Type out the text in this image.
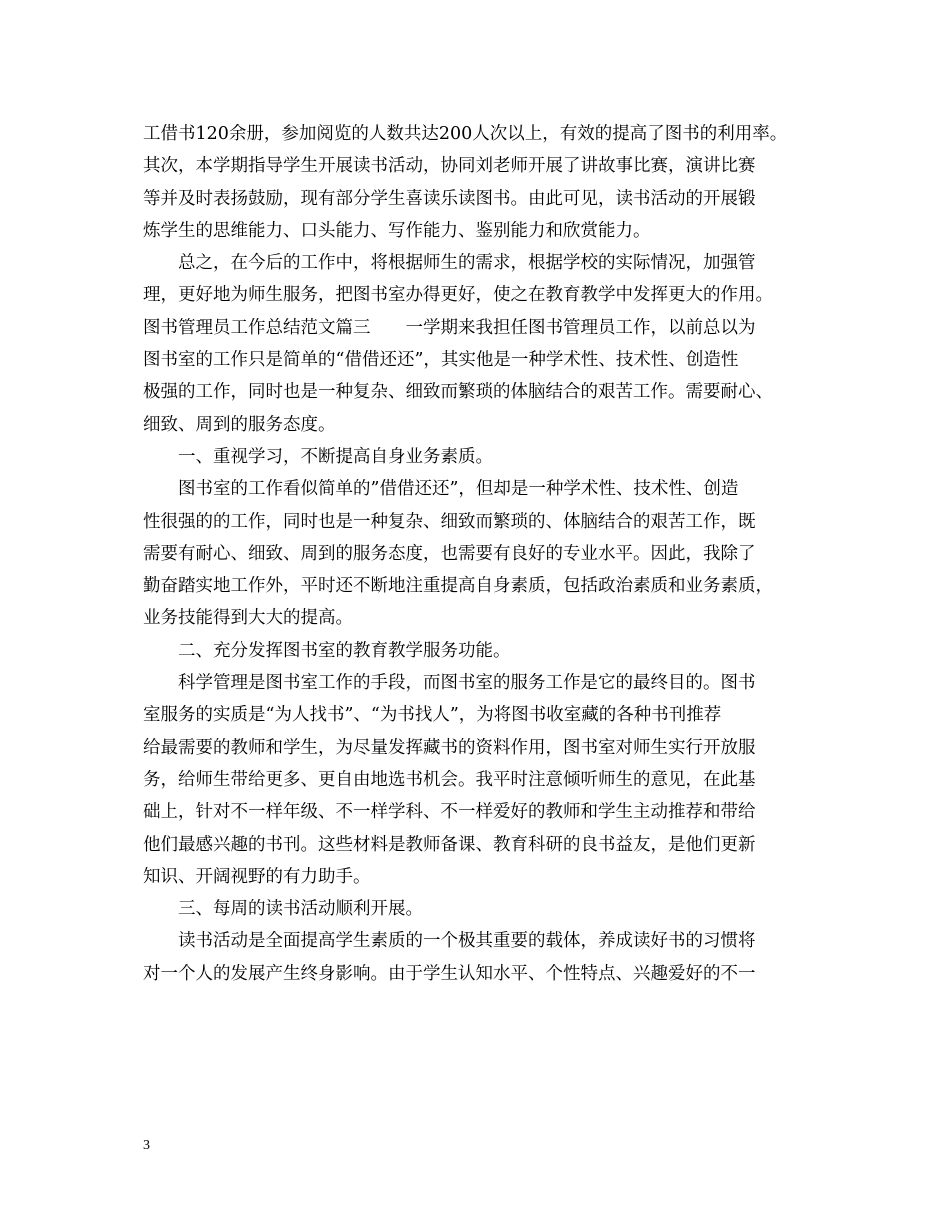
工借书120余册，参加阅览的人数共达200人次以上，有效的提高了图书的利用率。
其次，本学期指导学生开展读书活动，协同刘老师开展了讲故事比赛，演讲比赛
等并及时表扬鼓励，现有部分学生喜读乐读图书。由此可见，读书活动的开展锻
炼学生的思维能力、口头能力、写作能力、鉴别能力和欣赏能力。
总之，在今后的工作中，将根据师生的需求，根据学校的实际情况，加强管
理，更好地为师生服务，把图书室办得更好，使之在教育教学中发挥更大的作用。
图书管理员工作总结范文篇三　　一学期来我担任图书管理员工作，以前总以为
图书室的工作只是简单的“借借还还”，其实他是一种学术性、技术性、创造性
极强的工作，同时也是一种复杂、细致而繁琐的体脑结合的艰苦工作。需要耐心、
细致、周到的服务态度。
一、重视学习，不断提高自身业务素质。
图书室的工作看似简单的”借借还还”，但却是一种学术性、技术性、创造
性很强的的工作，同时也是一种复杂、细致而繁琐的、体脑结合的艰苦工作，既
需要有耐心、细致、周到的服务态度，也需要有良好的专业水平。因此，我除了
勤奋踏实地工作外，平时还不断地注重提高自身素质，包括政治素质和业务素质，
业务技能得到大大的提高。
二、充分发挥图书室的教育教学服务功能。
科学管理是图书室工作的手段，而图书室的服务工作是它的最终目的。图书
室服务的实质是“为人找书”、“为书找人”，为将图书收室藏的各种书刊推荐
给最需要的教师和学生，为尽量发挥藏书的资料作用，图书室对师生实行开放服
务，给师生带给更多、更自由地选书机会。我平时注意倾听师生的意见，在此基
础上，针对不一样年级、不一样学科、不一样爱好的教师和学生主动推荐和带给
他们最感兴趣的书刊。这些材料是教师备课、教育科研的良书益友，是他们更新
知识、开阔视野的有力助手。
三、每周的读书活动顺利开展。
读书活动是全面提高学生素质的一个极其重要的载体，养成读好书的习惯将
对一个人的发展产生终身影响。由于学生认知水平、个性特点、兴趣爱好的不一
3
